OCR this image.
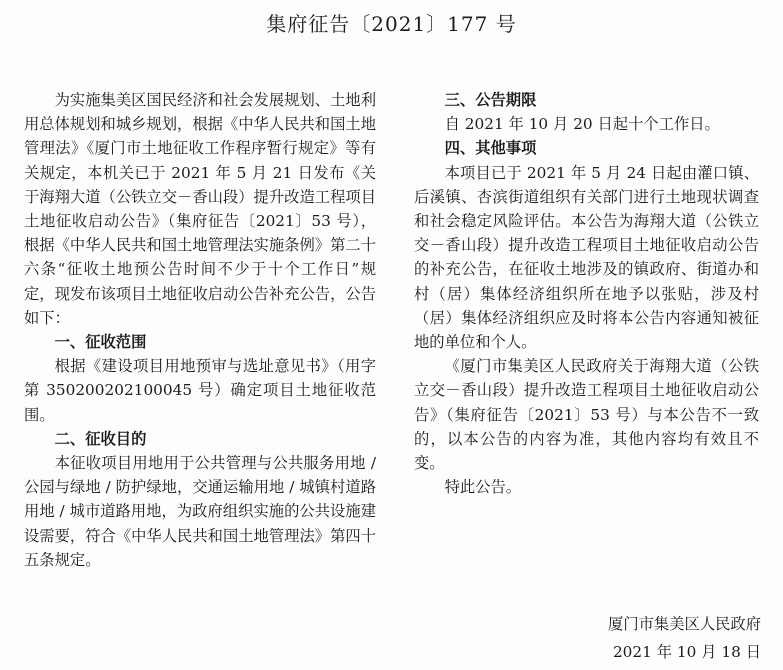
集府征告〔2021〕177 号

为实施集美区国民经济和社会发展规划、土地利用总体规划和城乡规划，根据《中华人民共和国土地管理法》《厦门市土地征收工作程序暂行规定》等有关规定，本机关已于 2021 年 5 月 21 日发布《关于海翔大道（公铁立交－香山段）提升改造工程项目土地征收启动公告》（集府征告〔2021〕53 号），根据《中华人民共和国土地管理法实施条例》第二十六条“征收土地预公告时间不少于十个工作日”规定，现发布该项目土地征收启动公告补充公告，公告如下：

一、征收范围

根据《建设项目用地预审与选址意见书》（用字第 350200202100045 号）确定项目土地征收范围。

二、征收目的

本征收项目用地用于公共管理与公共服务用地 / 公园与绿地 / 防护绿地，交通运输用地 / 城镇村道路用地 / 城市道路用地，为政府组织实施的公共设施建设需要，符合《中华人民共和国土地管理法》第四十五条规定。

三、公告期限

自 2021 年 10 月 20 日起十个工作日。

四、其他事项

本项目已于 2021 年 5 月 24 日起由灌口镇、后溪镇、杏滨街道组织有关部门进行土地现状调查和社会稳定风险评估。本公告为海翔大道（公铁立交－香山段）提升改造工程项目土地征收启动公告的补充公告，在征收土地涉及的镇政府、街道办和村（居）集体经济组织所在地予以张贴，涉及村（居）集体经济组织应及时将本公告内容通知被征地的单位和个人。

《厦门市集美区人民政府关于海翔大道（公铁立交－香山段）提升改造工程项目土地征收启动公告》（集府征告〔2021〕53 号）与本公告不一致的，以本公告的内容为准，其他内容均有效且不变。

特此公告。

厦门市集美区人民政府
2021 年 10 月 18 日
